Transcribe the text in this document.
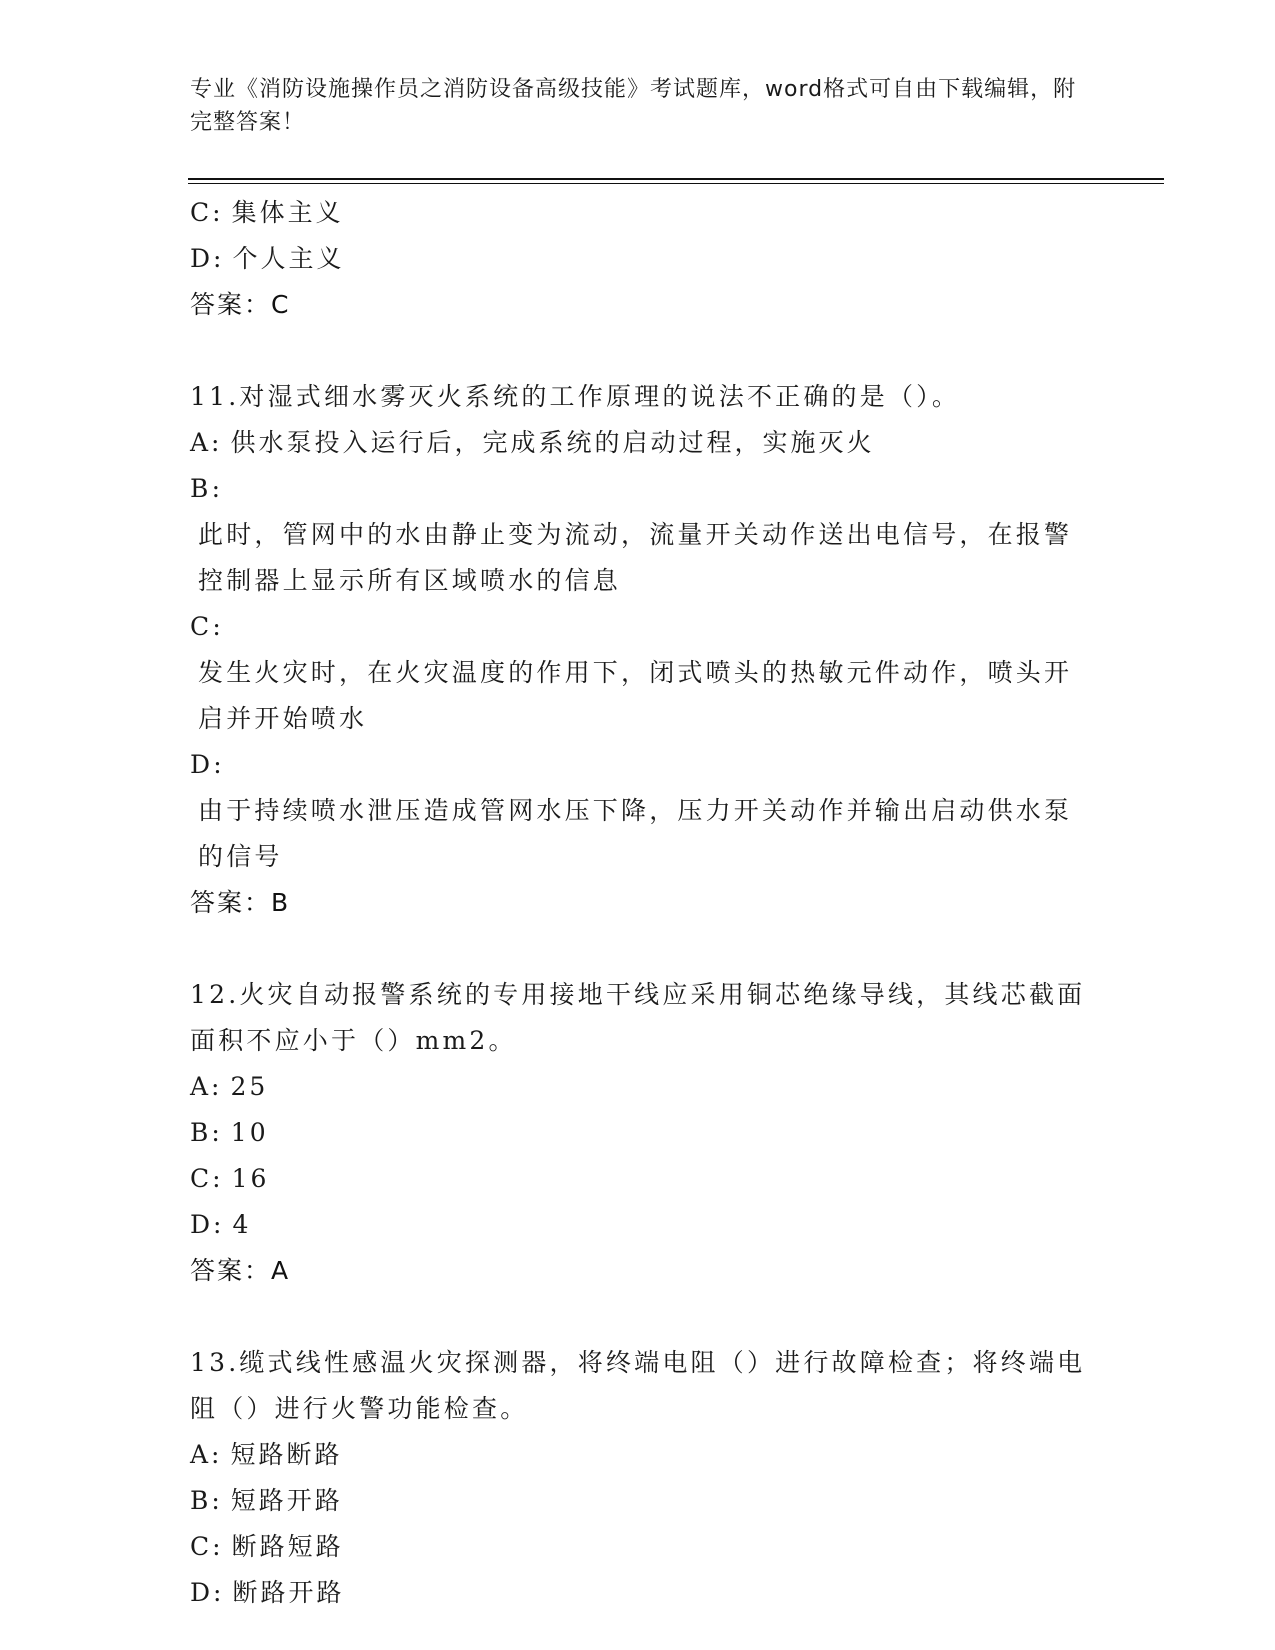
专业《消防设施操作员之消防设备高级技能》考试题库，word格式可自由下载编辑，附完整答案！
C: 集体主义
D: 个人主义
答案：C
11.对湿式细水雾灭火系统的工作原理的说法不正确的是（）。
A: 供水泵投入运行后，完成系统的启动过程，实施灭火
B:此时，管网中的水由静止变为流动，流量开关动作送出电信号，在报警控制器上显示所有区域喷水的信息
C:发生火灾时，在火灾温度的作用下，闭式喷头的热敏元件动作，喷头开启并开始喷水
D:由于持续喷水泄压造成管网水压下降，压力开关动作并输出启动供水泵的信号
答案：B
12.火灾自动报警系统的专用接地干线应采用铜芯绝缘导线，其线芯截面面积不应小于（）mm2。
A: 25
B: 10
C: 16
D: 4
答案：A
13.缆式线性感温火灾探测器，将终端电阻（）进行故障检查；将终端电阻（）进行火警功能检查。
A: 短路断路
B: 短路开路
C: 断路短路
D: 断路开路
